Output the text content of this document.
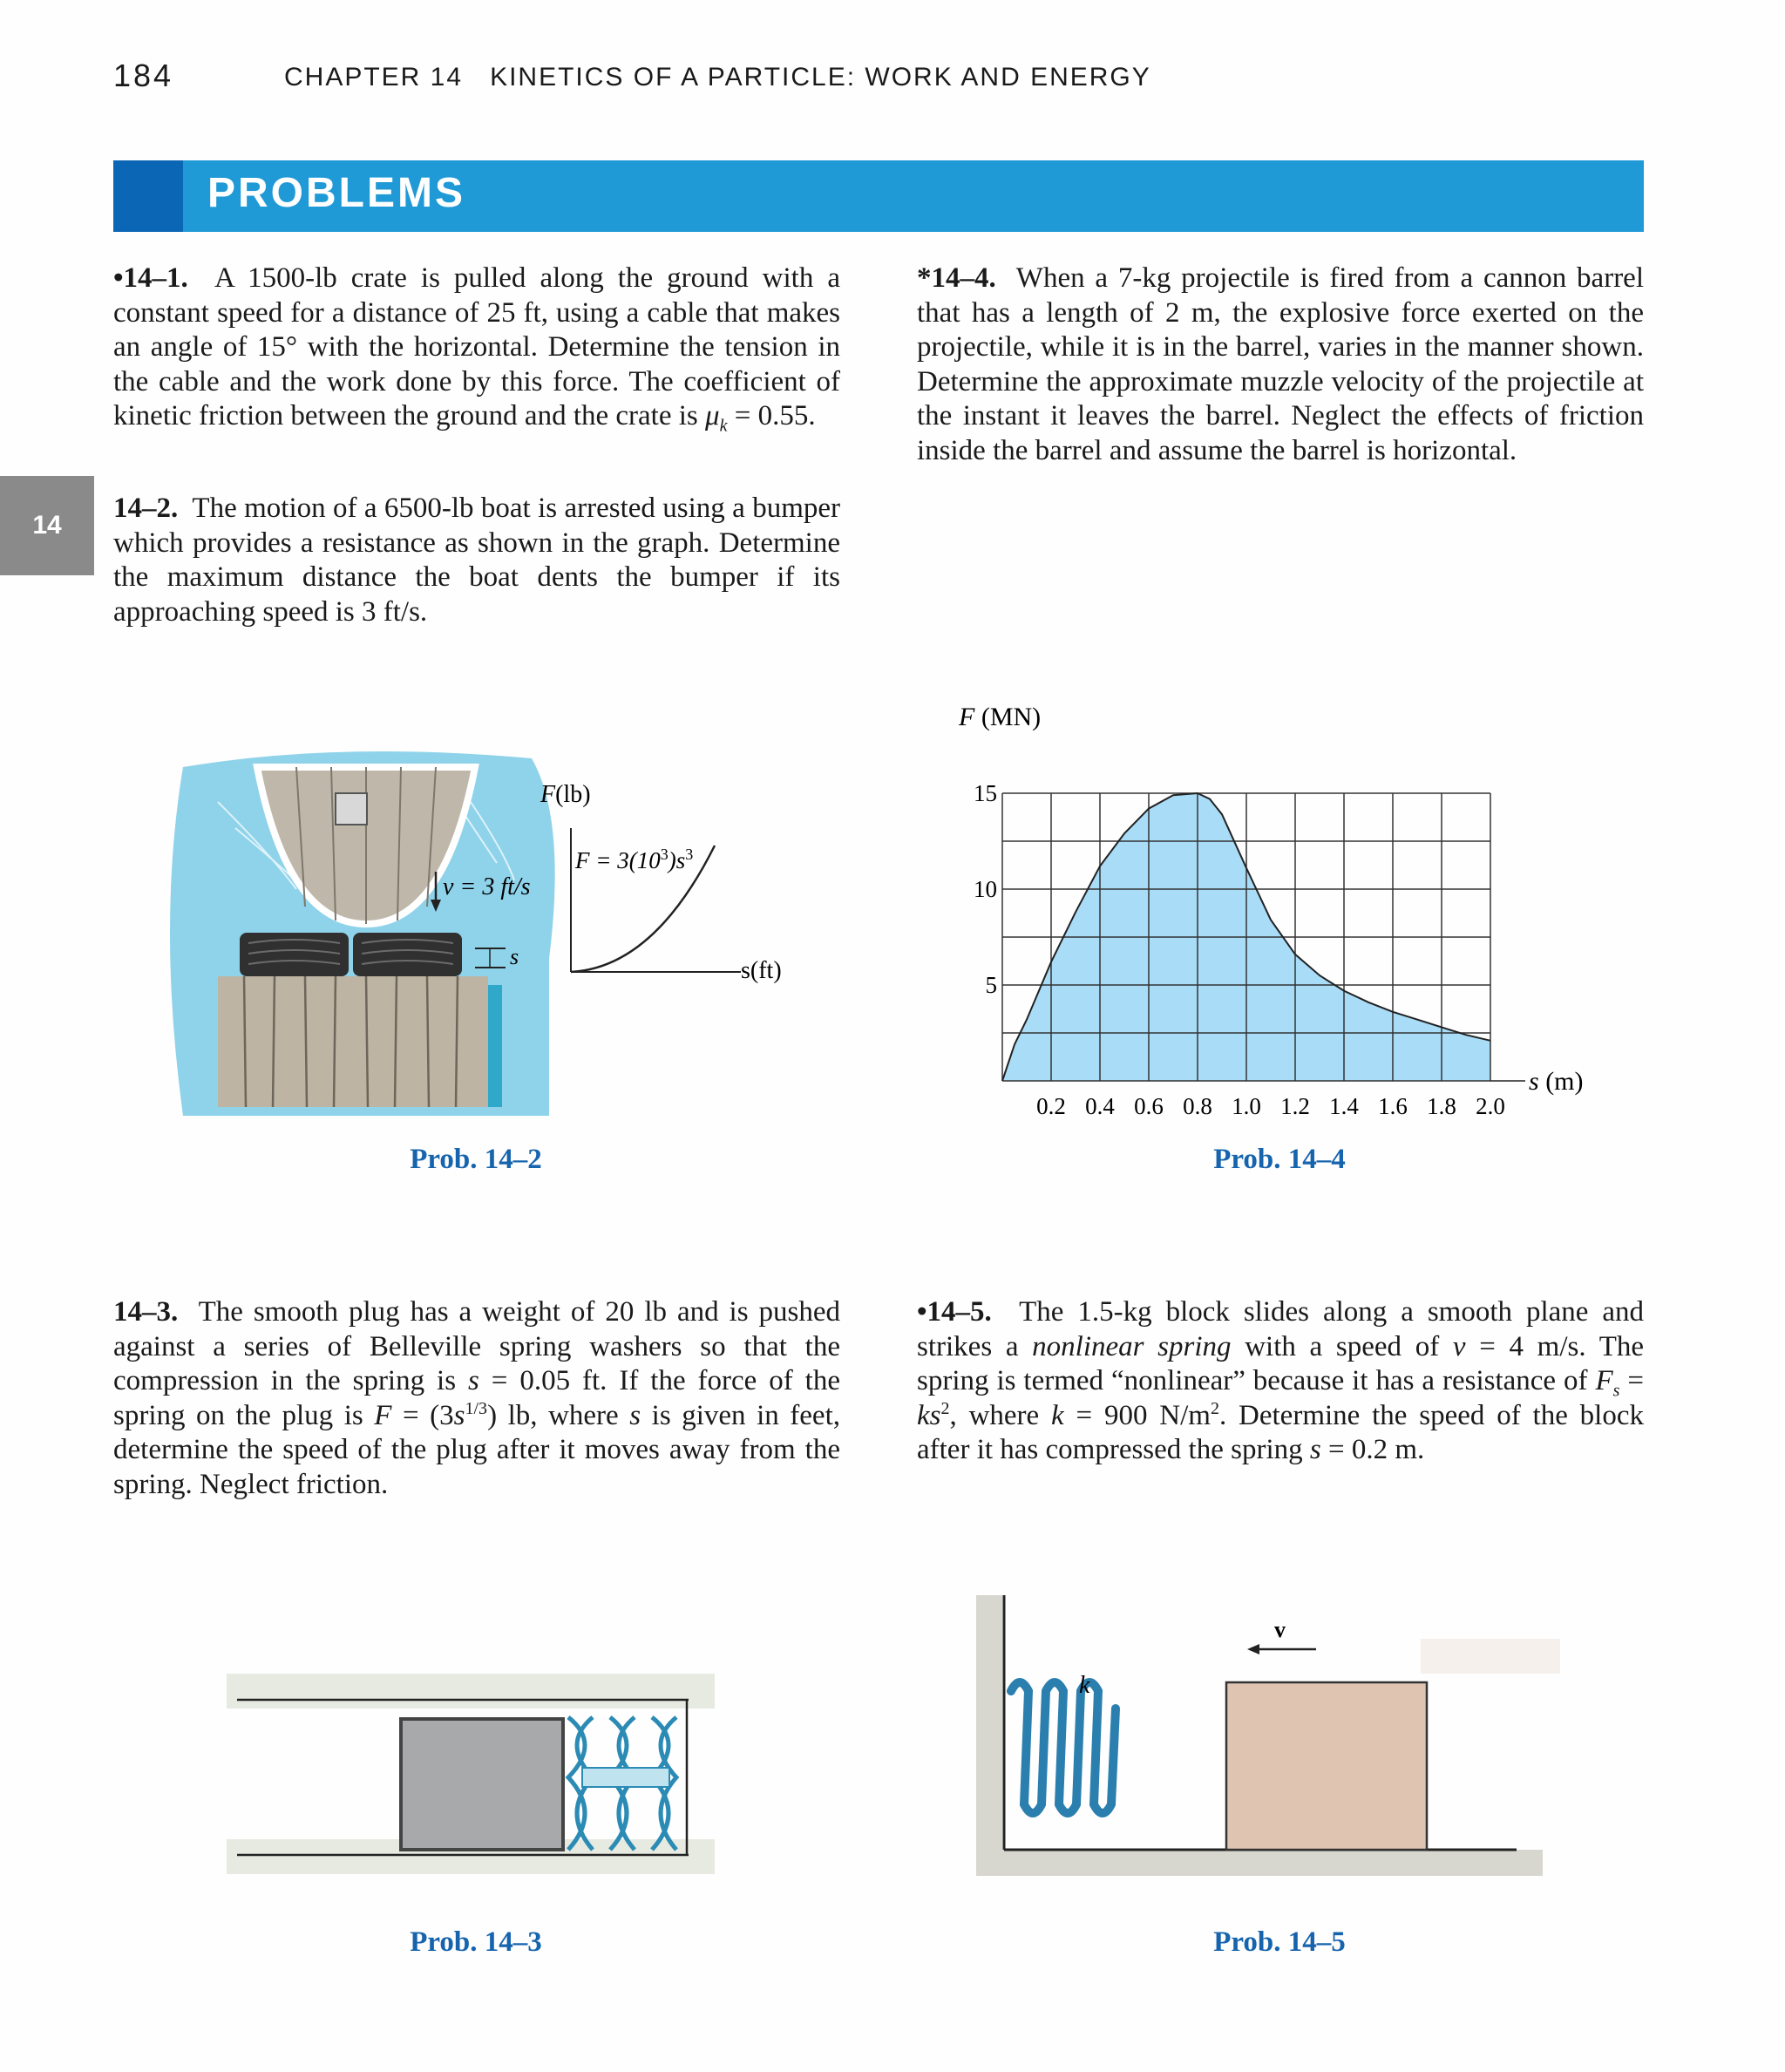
184	CHAPTER 14 KINETICS OF A PARTICLE: WORK AND ENERGY
PROBLEMS
14
•14–1. A 1500-lb crate is pulled along the ground with a constant speed for a distance of 25 ft, using a cable that makes an angle of 15° with the horizontal. Determine the tension in the cable and the work done by this force. The coefficient of kinetic friction between the ground and the crate is $\mu_k = 0.55$.
14–2. The motion of a 6500-lb boat is arrested using a bumper which provides a resistance as shown in the graph. Determine the maximum distance the boat dents the bumper if its approaching speed is 3 ft/s.
*14–4. When a 7-kg projectile is fired from a cannon barrel that has a length of 2 m, the explosive force exerted on the projectile, while it is in the barrel, varies in the manner shown. Determine the approximate muzzle velocity of the projectile at the instant it leaves the barrel. Neglect the effects of friction inside the barrel and assume the barrel is horizontal.
v = 3 ft/s
s
F(lb)
$F = 3(10^3)s^3$
s(ft)
Prob. 14–2
0.2 0.4 0.6 0.8 1.0 1.2 1.4 1.6 1.8 2.0
5
10
15
F (MN)
s (m)
Prob. 14–4
14–3. The smooth plug has a weight of 20 lb and is pushed against a series of Belleville spring washers so that the compression in the spring is s = 0.05 ft. If the force of the spring on the plug is $F = (3s^{1/3})$ lb, where s is given in feet, determine the speed of the plug after it moves away from the spring. Neglect friction.
•14–5. The 1.5-kg block slides along a smooth plane and strikes a nonlinear spring with a speed of v = 4 m/s. The spring is termed “nonlinear” because it has a resistance of $F_s = ks^2$, where k = 900 $N/m^2$. Determine the speed of the block after it has compressed the spring s = 0.2 m.
Prob. 14–3
k
v
Prob. 14–5
